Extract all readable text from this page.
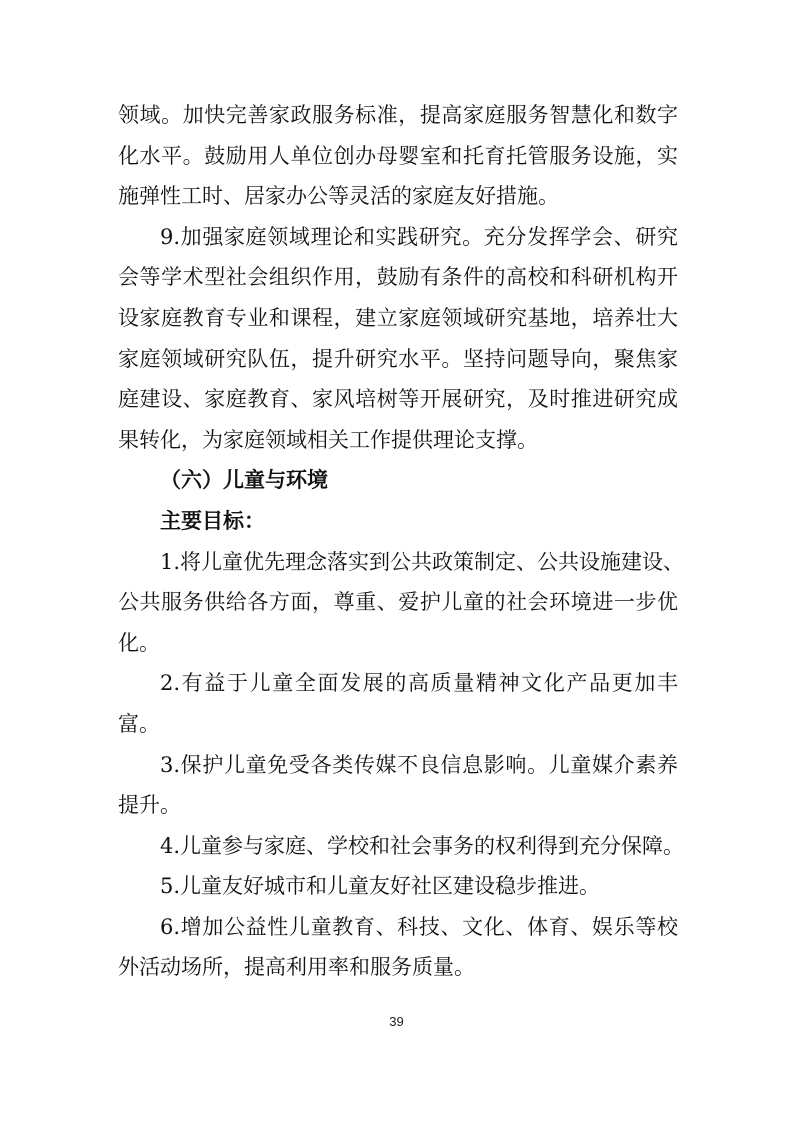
领域。加快完善家政服务标准，提高家庭服务智慧化和数字
化水平。鼓励用人单位创办母婴室和托育托管服务设施，实
施弹性工时、居家办公等灵活的家庭友好措施。
9.加强家庭领域理论和实践研究。充分发挥学会、研究
会等学术型社会组织作用，鼓励有条件的高校和科研机构开
设家庭教育专业和课程，建立家庭领域研究基地，培养壮大
家庭领域研究队伍，提升研究水平。坚持问题导向，聚焦家
庭建设、家庭教育、家风培树等开展研究，及时推进研究成
果转化，为家庭领域相关工作提供理论支撑。
（六）儿童与环境
主要目标：
1.将儿童优先理念落实到公共政策制定、公共设施建设、
公共服务供给各方面，尊重、爱护儿童的社会环境进一步优
化。
2.有益于儿童全面发展的高质量精神文化产品更加丰
富。
3.保护儿童免受各类传媒不良信息影响。儿童媒介素养
提升。
4.儿童参与家庭、学校和社会事务的权利得到充分保障。
5.儿童友好城市和儿童友好社区建设稳步推进。
6.增加公益性儿童教育、科技、文化、体育、娱乐等校
外活动场所，提高利用率和服务质量。
39
